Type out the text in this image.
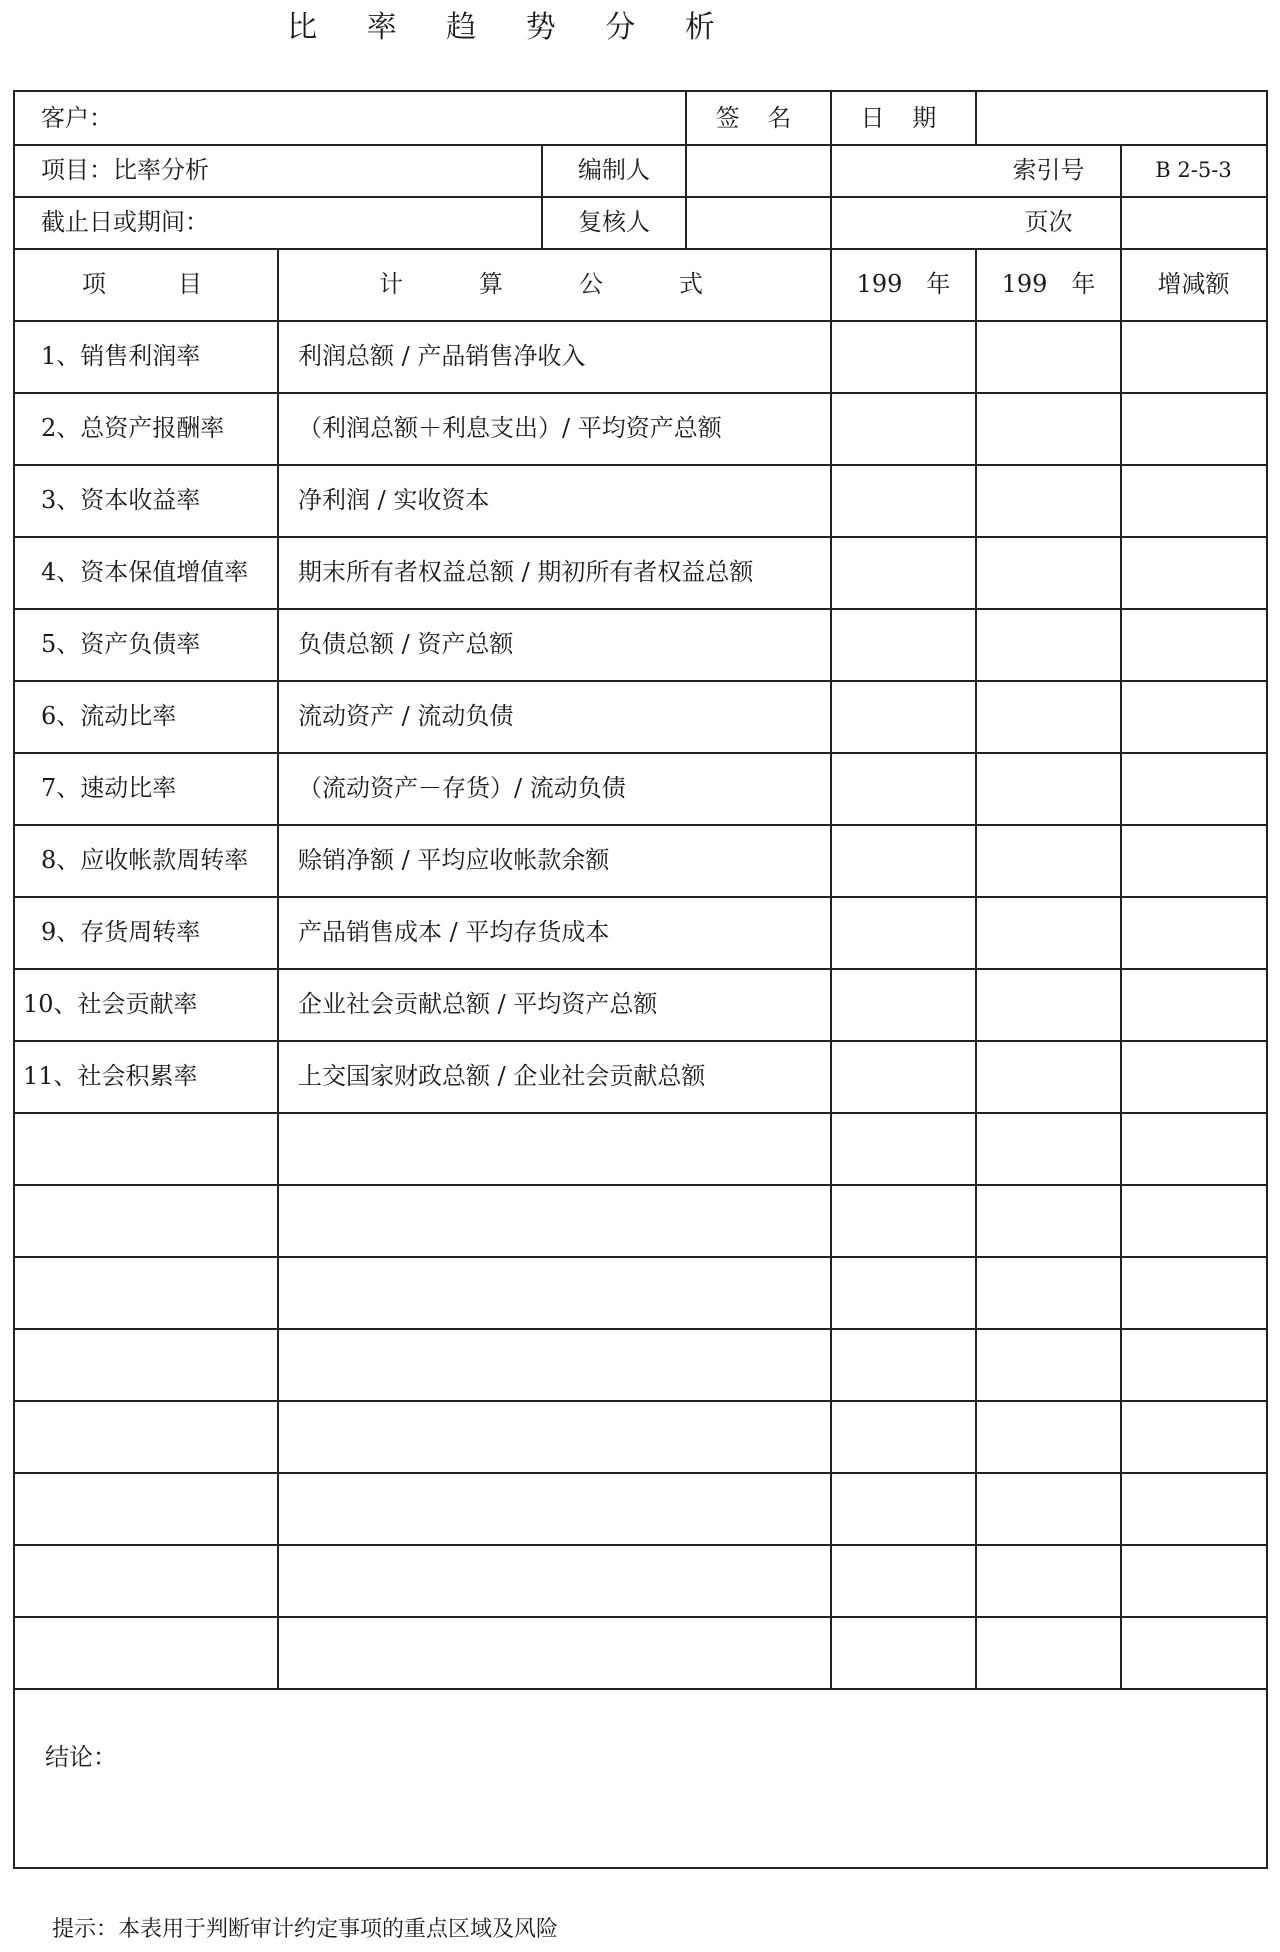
比 率 趋 势 分 析
客户：	签 名	日 期
项目：比率分析	编制人	索引号	B 2-5-3
截止日或期间：	复核人	页次
项　　目	计　算　公　式	199　年	199　年	增减额
1、销售利润率	利润总额 / 产品销售净收入
2、总资产报酬率	（利润总额＋利息支出）/ 平均资产总额
3、资本收益率	净利润 / 实收资本
4、资本保值增值率	期末所有者权益总额 / 期初所有者权益总额
5、资产负债率	负债总额 / 资产总额
6、流动比率	流动资产 / 流动负债
7、速动比率	（流动资产－存货）/ 流动负债
8、应收帐款周转率	赊销净额 / 平均应收帐款余额
9、存货周转率	产品销售成本 / 平均存货成本
10、社会贡献率	企业社会贡献总额 / 平均资产总额
11、社会积累率	上交国家财政总额 / 企业社会贡献总额
结论：
提示：本表用于判断审计约定事项的重点区域及风险
